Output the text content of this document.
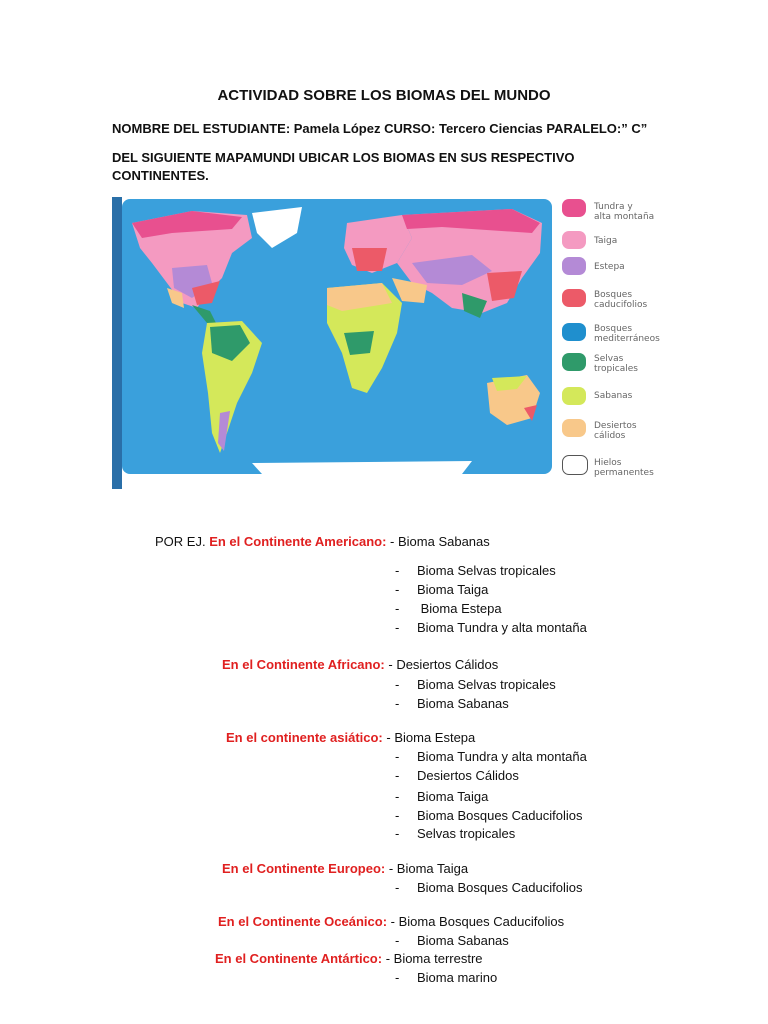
ACTIVIDAD SOBRE LOS BIOMAS DEL MUNDO
NOMBRE DEL ESTUDIANTE: Pamela López CURSO: Tercero Ciencias PARALELO:” C”
DEL SIGUIENTE MAPAMUNDI UBICAR LOS BIOMAS EN SUS RESPECTIVO
CONTINENTES.
Tundra y
alta montaña
Taiga
Estepa
Bosques
caducifolios
Bosques
mediterráneos
Selvas
tropicales
Sabanas
Desiertos
cálidos
Hielos
permanentes
POR EJ. En el Continente Americano: - Bioma Sabanas
- Bioma Selvas tropicales
- Bioma Taiga
- Bioma Estepa
- Bioma Tundra y alta montaña
En el Continente Africano: - Desiertos Cálidos
- Bioma Selvas tropicales
- Bioma Sabanas
En el continente asiático: - Bioma Estepa
- Bioma Tundra y alta montaña
- Desiertos Cálidos
- Bioma Taiga
- Bioma Bosques Caducifolios
- Selvas tropicales
En el Continente Europeo: - Bioma Taiga
- Bioma Bosques Caducifolios
En el Continente Oceánico: - Bioma Bosques Caducifolios
- Bioma Sabanas
En el Continente Antártico: - Bioma terrestre
- Bioma marino
